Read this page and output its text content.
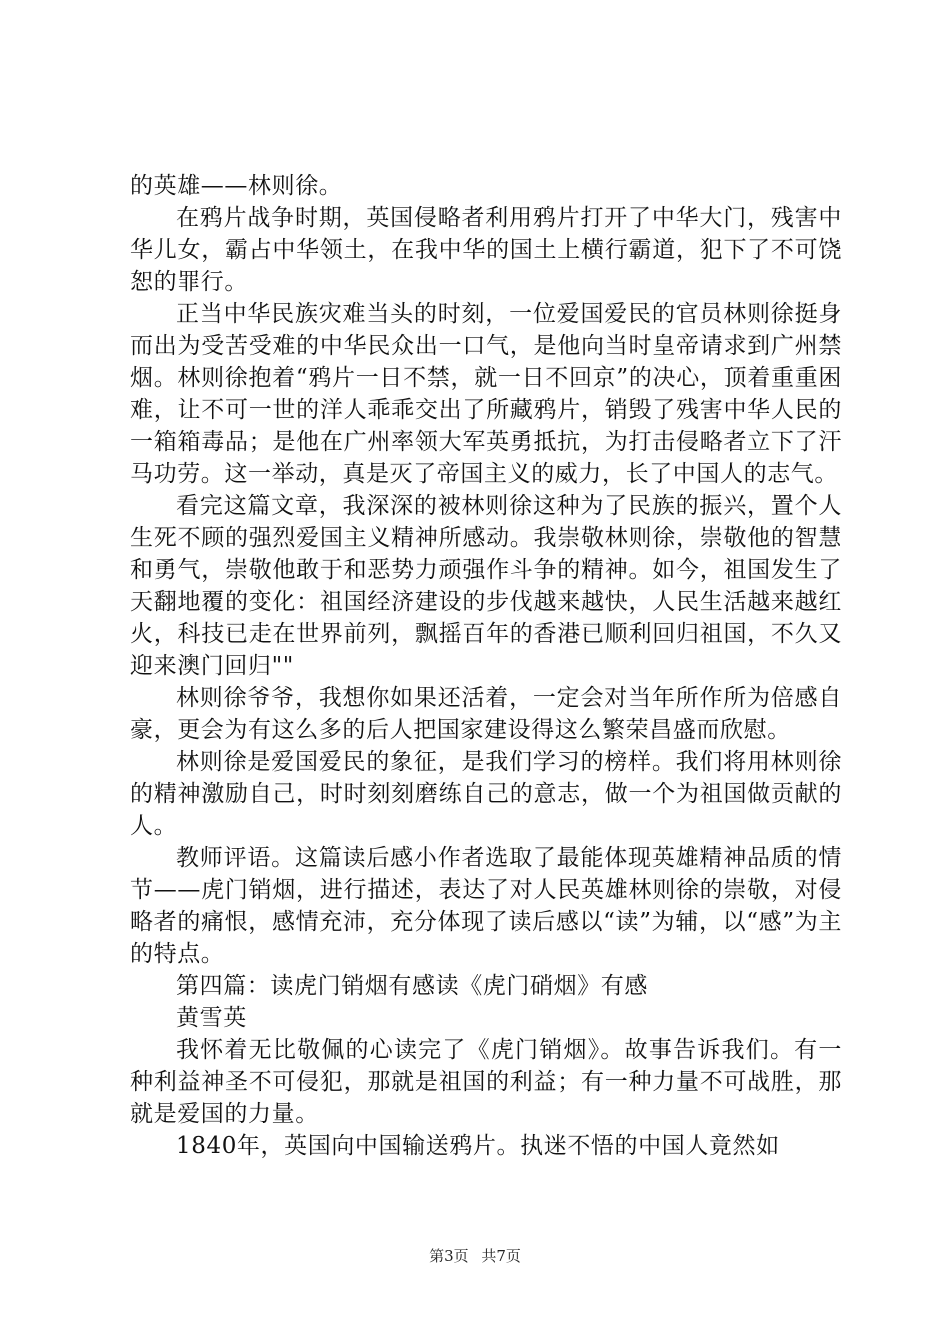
的英雄——林则徐。

在鸦片战争时期，英国侵略者利用鸦片打开了中华大门，残害中华儿女，霸占中华领土，在我中华的国土上横行霸道，犯下了不可饶恕的罪行。

正当中华民族灾难当头的时刻，一位爱国爱民的官员林则徐挺身而出为受苦受难的中华民众出一口气，是他向当时皇帝请求到广州禁烟。林则徐抱着“鸦片一日不禁，就一日不回京”的决心，顶着重重困难，让不可一世的洋人乖乖交出了所藏鸦片，销毁了残害中华人民的一箱箱毒品；是他在广州率领大军英勇抵抗，为打击侵略者立下了汗马功劳。这一举动，真是灭了帝国主义的威力，长了中国人的志气。

看完这篇文章，我深深的被林则徐这种为了民族的振兴，置个人生死不顾的强烈爱国主义精神所感动。我崇敬林则徐，崇敬他的智慧和勇气，崇敬他敢于和恶势力顽强作斗争的精神。如今，祖国发生了天翻地覆的变化：祖国经济建设的步伐越来越快，人民生活越来越红火，科技已走在世界前列，飘摇百年的香港已顺利回归祖国，不久又迎来澳门回归""

林则徐爷爷，我想你如果还活着，一定会对当年所作所为倍感自豪，更会为有这么多的后人把国家建设得这么繁荣昌盛而欣慰。

林则徐是爱国爱民的象征，是我们学习的榜样。我们将用林则徐的精神激励自己，时时刻刻磨练自己的意志，做一个为祖国做贡献的人。

教师评语。这篇读后感小作者选取了最能体现英雄精神品质的情节——虎门销烟，进行描述，表达了对人民英雄林则徐的崇敬，对侵略者的痛恨，感情充沛，充分体现了读后感以“读”为辅，以“感”为主的特点。

第四篇：读虎门销烟有感读《虎门硝烟》有感

黄雪英

我怀着无比敬佩的心读完了《虎门销烟》。故事告诉我们。有一种利益神圣不可侵犯，那就是祖国的利益；有一种力量不可战胜，那就是爱国的力量。

1840年，英国向中国输送鸦片。执迷不悟的中国人竟然如

第3页 共7页
